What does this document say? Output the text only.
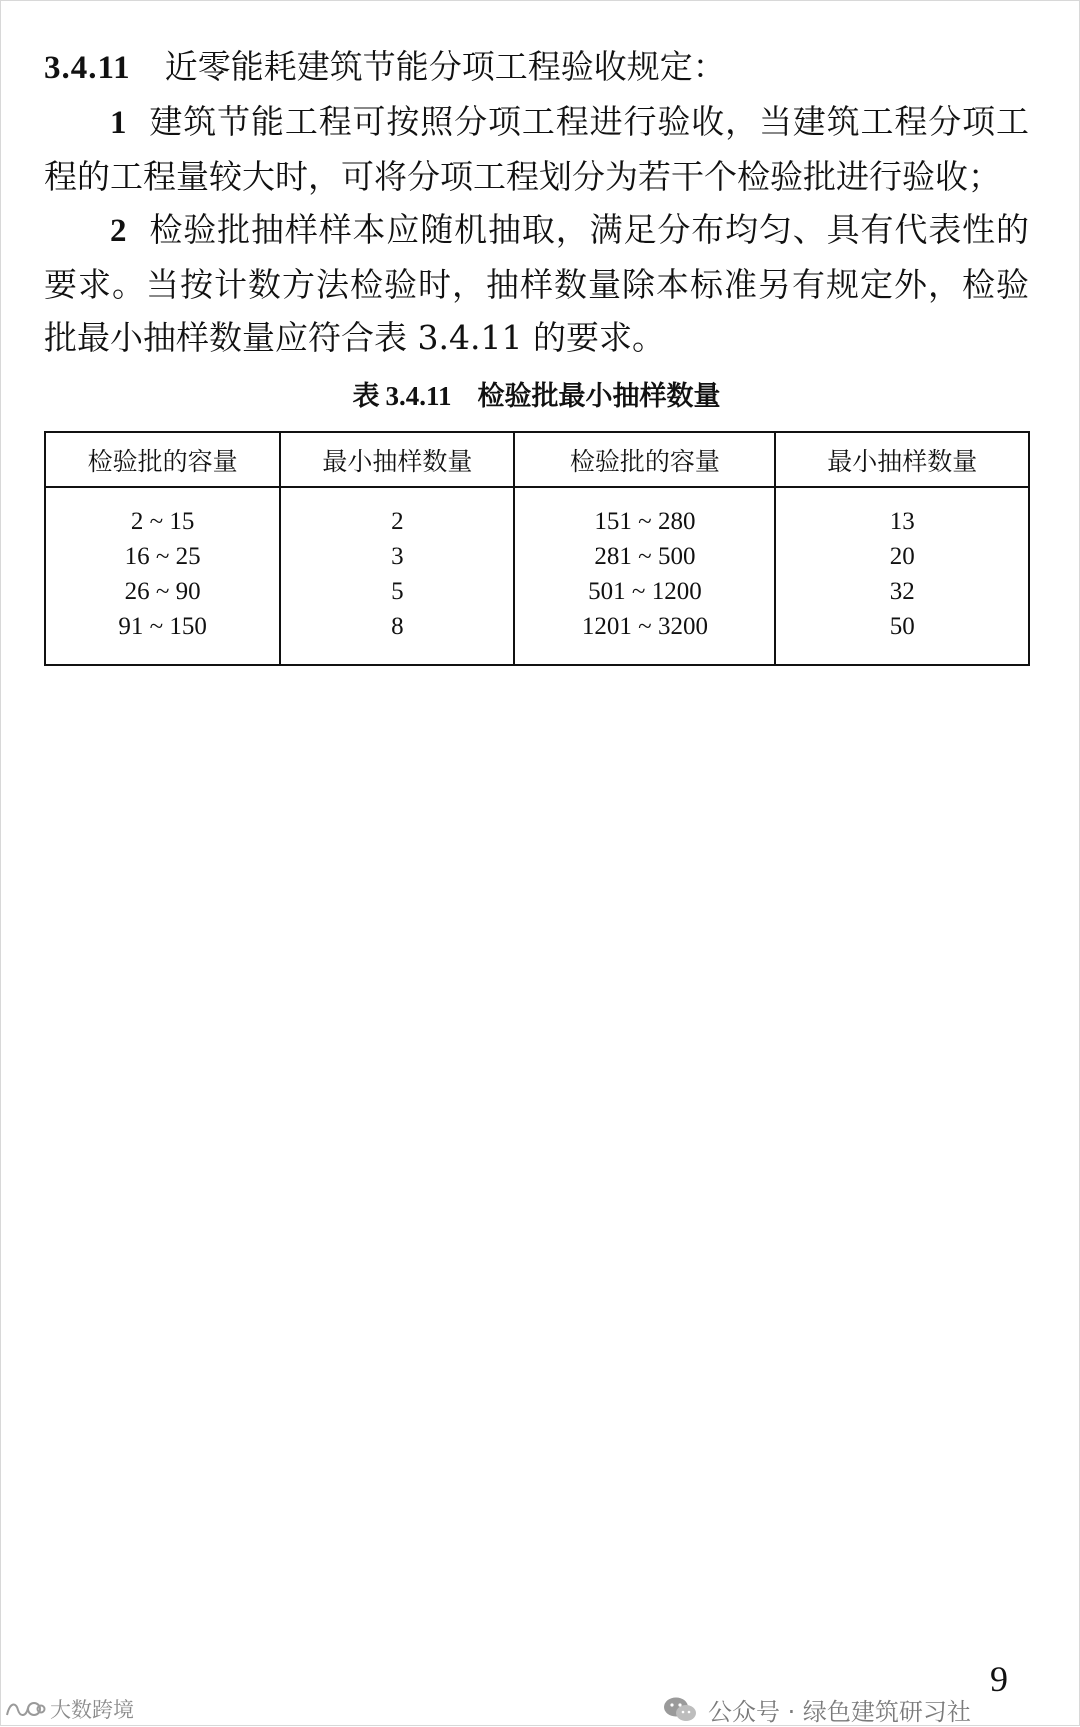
3.4.11 近零能耗建筑节能分项工程验收规定：

1 建筑节能工程可按照分项工程进行验收，当建筑工程分项工程的工程量较大时，可将分项工程划分为若干个检验批进行验收；

2 检验批抽样样本应随机抽取，满足分布均匀、具有代表性的要求。当按计数方法检验时，抽样数量除本标准另有规定外，检验批最小抽样数量应符合表 3.4.11 的要求。

表 3.4.11 检验批最小抽样数量
检验批的容量	最小抽样数量	检验批的容量	最小抽样数量
2 ~ 15	2	151 ~ 280	13
16 ~ 25	3	281 ~ 500	20
26 ~ 90	5	501 ~ 1200	32
91 ~ 150	8	1201 ~ 3200	50
9
公众号 · 绿色建筑研习社
大数跨境
